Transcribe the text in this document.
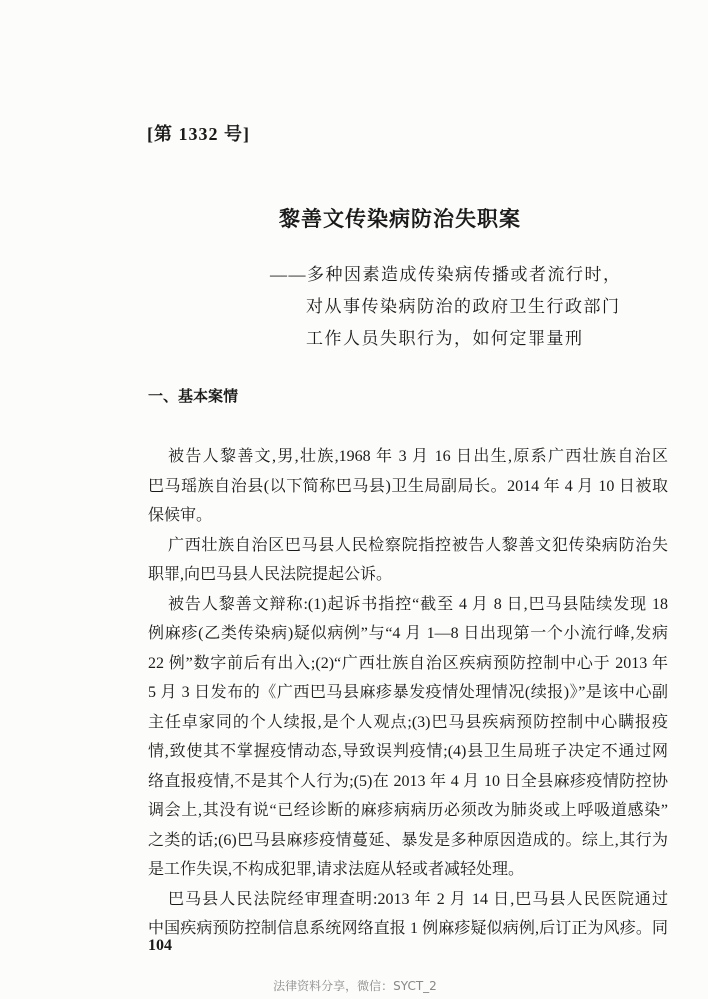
[第 1332 号]
黎善文传染病防治失职案
——多种因素造成传染病传播或者流行时，
对从事传染病防治的政府卫生行政部门
工作人员失职行为，如何定罪量刑
一、基本案情
被告人黎善文,男,壮族,1968 年 3 月 16 日出生,原系广西壮族自治区
巴马瑶族自治县(以下简称巴马县)卫生局副局长。2014 年 4 月 10 日被取
保候审。
广西壮族自治区巴马县人民检察院指控被告人黎善文犯传染病防治失
职罪,向巴马县人民法院提起公诉。
被告人黎善文辩称:(1)起诉书指控“截至 4 月 8 日,巴马县陆续发现 18
例麻疹(乙类传染病)疑似病例”与“4 月 1—8 日出现第一个小流行峰,发病
22 例”数字前后有出入;(2)“广西壮族自治区疾病预防控制中心于 2013 年
5 月 3 日发布的《广西巴马县麻疹暴发疫情处理情况(续报)》”是该中心副
主任卓家同的个人续报,是个人观点;(3)巴马县疾病预防控制中心瞒报疫
情,致使其不掌握疫情动态,导致误判疫情;(4)县卫生局班子决定不通过网
络直报疫情,不是其个人行为;(5)在 2013 年 4 月 10 日全县麻疹疫情防控协
调会上,其没有说“已经诊断的麻疹病病历必须改为肺炎或上呼吸道感染”
之类的话;(6)巴马县麻疹疫情蔓延、暴发是多种原因造成的。综上,其行为
是工作失误,不构成犯罪,请求法庭从轻或者减轻处理。
巴马县人民法院经审理查明:2013 年 2 月 14 日,巴马县人民医院通过
中国疾病预防控制信息系统网络直报 1 例麻疹疑似病例,后订正为风疹。同
104
法律资料分享，微信：SYCT_2
